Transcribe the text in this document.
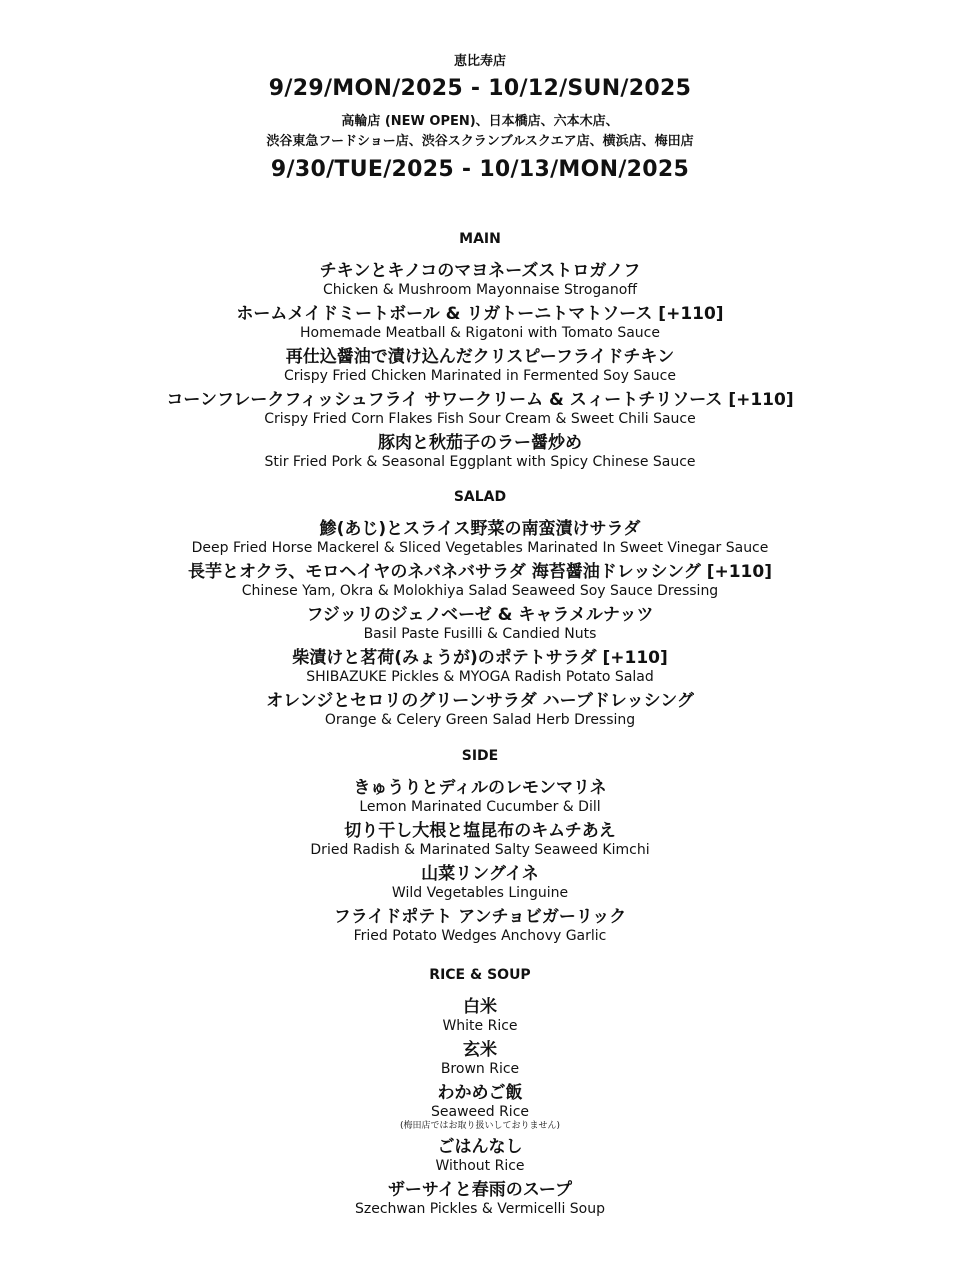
恵比寿店
9/29/MON/2025 - 10/12/SUN/2025
高輪店 (NEW OPEN)、日本橋店、六本木店、
渋谷東急フードショー店、渋谷スクランブルスクエア店、横浜店、梅田店
9/30/TUE/2025 - 10/13/MON/2025
MAIN
チキンとキノコのマヨネーズストロガノフ
Chicken & Mushroom Mayonnaise Stroganoff
ホームメイドミートボール & リガトーニトマトソース [+110]
Homemade Meatball & Rigatoni with Tomato Sauce
再仕込醤油で漬け込んだクリスピーフライドチキン
Crispy Fried Chicken Marinated in Fermented Soy Sauce
コーンフレークフィッシュフライ サワークリーム & スィートチリソース [+110]
Crispy Fried Corn Flakes Fish Sour Cream & Sweet Chili Sauce
豚肉と秋茄子のラー醤炒め
Stir Fried Pork & Seasonal Eggplant with Spicy Chinese Sauce
SALAD
鯵(あじ)とスライス野菜の南蛮漬けサラダ
Deep Fried Horse Mackerel & Sliced Vegetables Marinated In Sweet Vinegar Sauce
長芋とオクラ、モロヘイヤのネバネバサラダ 海苔醤油ドレッシング [+110]
Chinese Yam, Okra & Molokhiya Salad Seaweed Soy Sauce Dressing
フジッリのジェノベーゼ & キャラメルナッツ
Basil Paste Fusilli & Candied Nuts
柴漬けと茗荷(みょうが)のポテトサラダ [+110]
SHIBAZUKE Pickles & MYOGA Radish Potato Salad
オレンジとセロリのグリーンサラダ ハーブドレッシング
Orange & Celery Green Salad Herb Dressing
SIDE
きゅうりとディルのレモンマリネ
Lemon Marinated Cucumber & Dill
切り干し大根と塩昆布のキムチあえ
Dried Radish & Marinated Salty Seaweed Kimchi
山菜リングイネ
Wild Vegetables Linguine
フライドポテト アンチョビガーリック
Fried Potato Wedges Anchovy Garlic
RICE & SOUP
白米
White Rice
玄米
Brown Rice
わかめご飯
Seaweed Rice
(梅田店ではお取り扱いしておりません)
ごはんなし
Without Rice
ザーサイと春雨のスープ
Szechwan Pickles & Vermicelli Soup
